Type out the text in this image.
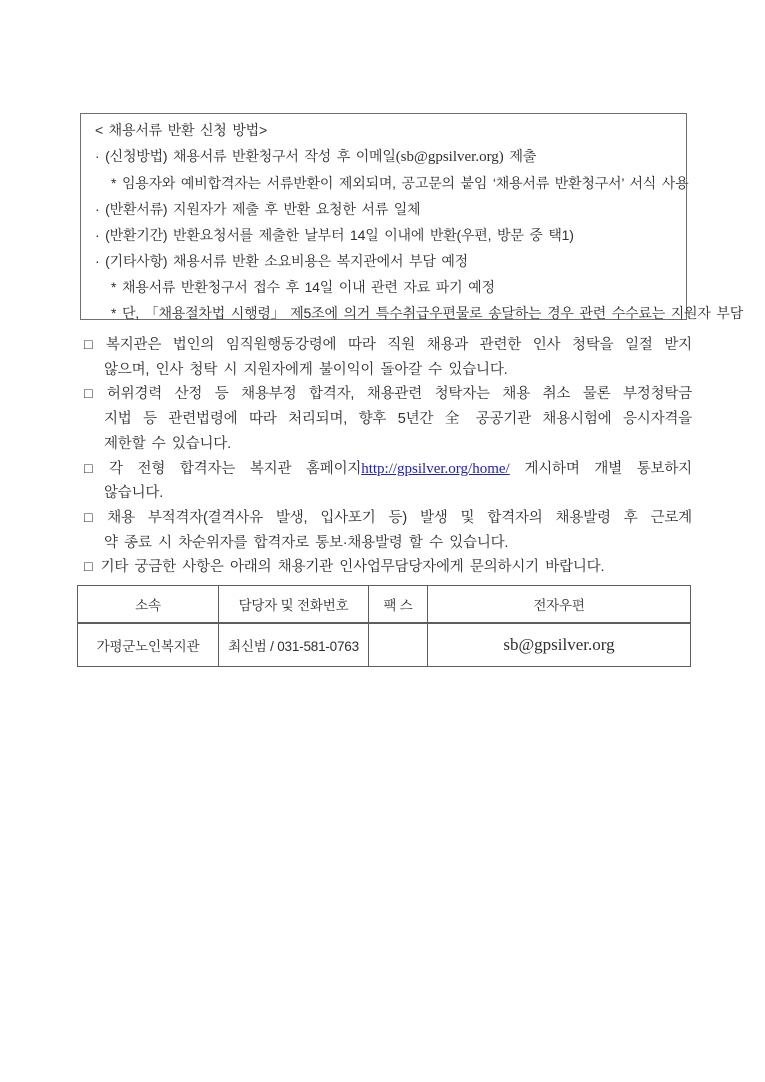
< 채용서류 반환 신청 방법>
· (신청방법) 채용서류 반환청구서 작성 후 이메일(sb@gpsilver.org) 제출
* 임용자와 예비합격자는 서류반환이 제외되며, 공고문의 붙임 ‘채용서류 반환청구서’ 서식 사용
· (반환서류) 지원자가 제출 후 반환 요청한 서류 일체
· (반환기간) 반환요청서를 제출한 날부터 14일 이내에 반환(우편, 방문 중 택1)
· (기타사항) 채용서류 반환 소요비용은 복지관에서 부담 예정
* 채용서류 반환청구서 접수 후 14일 이내 관련 자료 파기 예정
* 단, 「채용절차법 시행령」 제5조에 의거 특수취급우편물로 송달하는 경우 관련 수수료는 지원자 부담
□ 복지관은 법인의 임직원행동강령에 따라 직원 채용과 관련한 인사 청탁을 일절 받지
않으며, 인사 청탁 시 지원자에게 불이익이 돌아갈 수 있습니다.
□ 허위경력 산정 등 채용부정 합격자, 채용관련 청탁자는 채용 취소 물론 부정청탁금
지법 등 관련법령에 따라 처리되며, 향후 5년간 全 공공기관 채용시험에 응시자격을
제한할 수 있습니다.
□ 각 전형 합격자는 복지관 홈페이지http://gpsilver.org/home/ 게시하며 개별 통보하지
않습니다.
□ 채용 부적격자(결격사유 발생, 입사포기 등) 발생 및 합격자의 채용발령 후 근로계
약 종료 시 차순위자를 합격자로 통보·채용발령 할 수 있습니다.
□ 기타 궁금한 사항은 아래의 채용기관 인사업무담당자에게 문의하시기 바랍니다.
소속	담당자 및 전화번호	팩 스	전자우편
가평군노인복지관	최신범 / 031-581-0763		sb@gpsilver.org
